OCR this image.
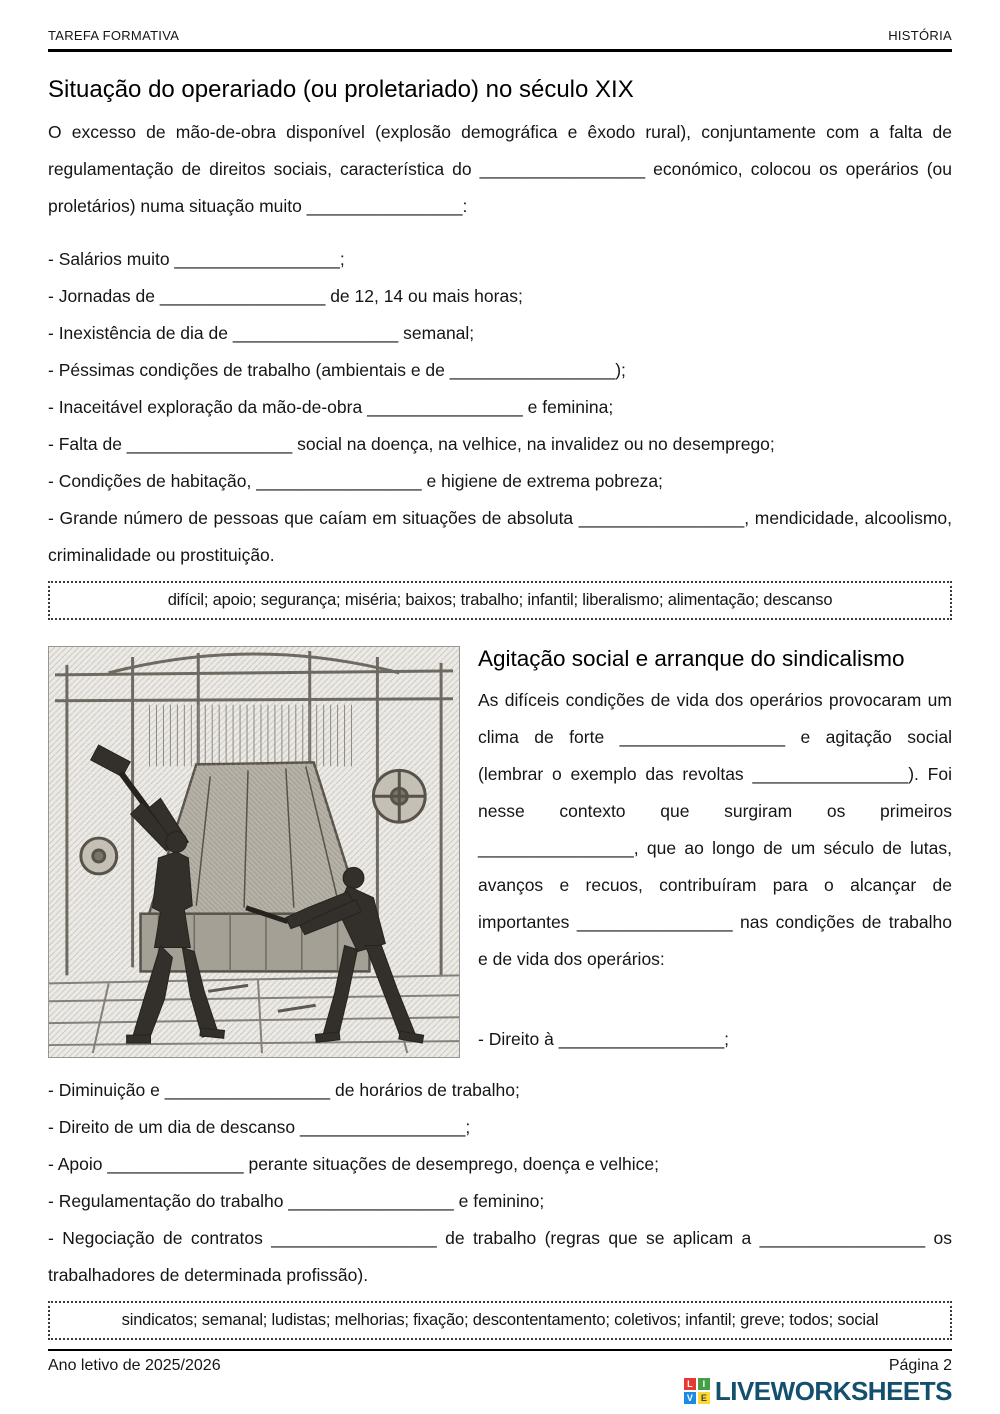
TAREFA FORMATIVA	HISTÓRIA
Situação do operariado (ou proletariado) no século XIX

O excesso de mão-de-obra disponível (explosão demográfica e êxodo rural), conjuntamente com a falta de regulamentação de direitos sociais, característica do _________________ económico, colocou os operários (ou proletários) numa situação muito ________________:

- Salários muito _________________;

- Jornadas de _________________ de 12, 14 ou mais horas;

- Inexistência de dia de _________________ semanal;

- Péssimas condições de trabalho (ambientais e de _________________);

- Inaceitável exploração da mão-de-obra ________________ e feminina;

- Falta de _________________ social na doença, na velhice, na invalidez ou no desemprego;

- Condições de habitação, _________________ e higiene de extrema pobreza;

- Grande número de pessoas que caíam em situações de absoluta _________________, mendicidade, alcoolismo, criminalidade ou prostituição.

difícil; apoio; segurança; miséria; baixos; trabalho; infantil; liberalismo; alimentação; descanso
Agitação social e arranque do sindicalismo

As difíceis condições de vida dos operários provocaram um clima de forte _________________ e agitação social (lembrar o exemplo das revoltas ________________). Foi nesse contexto que surgiram os primeiros ________________, que ao longo de um século de lutas, avanços e recuos, contribuíram para o alcançar de importantes ________________ nas condições de trabalho e de vida dos operários:

- Direito à _________________;

- Diminuição e _________________ de horários de trabalho;

- Direito de um dia de descanso _________________;

- Apoio ______________ perante situações de desemprego, doença e velhice;

- Regulamentação do trabalho _________________ e feminino;

- Negociação de contratos _________________ de trabalho (regras que se aplicam a _________________ os trabalhadores de determinada profissão).

sindicatos; semanal; ludistas; melhorias; fixação; descontentamento; coletivos; infantil; greve; todos; social
Ano letivo de 2025/2026	Página 2
L	I
V E LIVEWORKSHEETS
